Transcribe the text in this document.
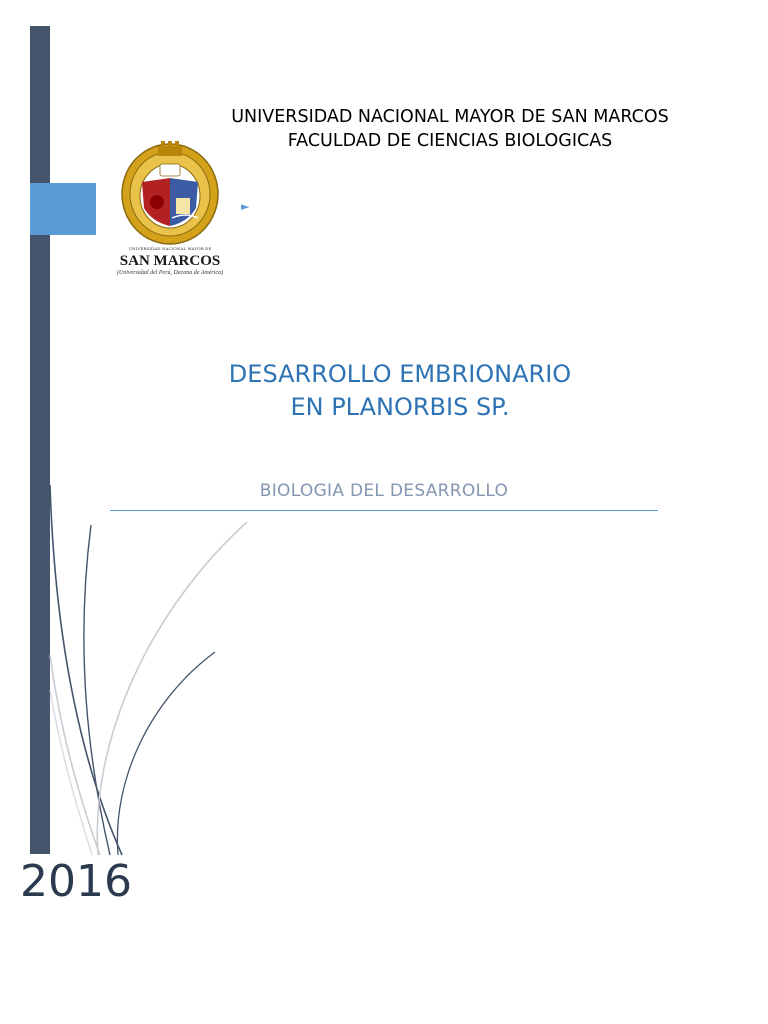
UNIVERSIDAD NACIONAL MAYOR DE
SAN MARCOS
(Universidad del Perú, Decana de América)
UNIVERSIDAD NACIONAL MAYOR DE SAN MARCOS
FACULDAD DE CIENCIAS BIOLOGICAS
►
DESARROLLO EMBRIONARIO
EN PLANORBIS SP.
BIOLOGIA DEL DESARROLLO
2016
